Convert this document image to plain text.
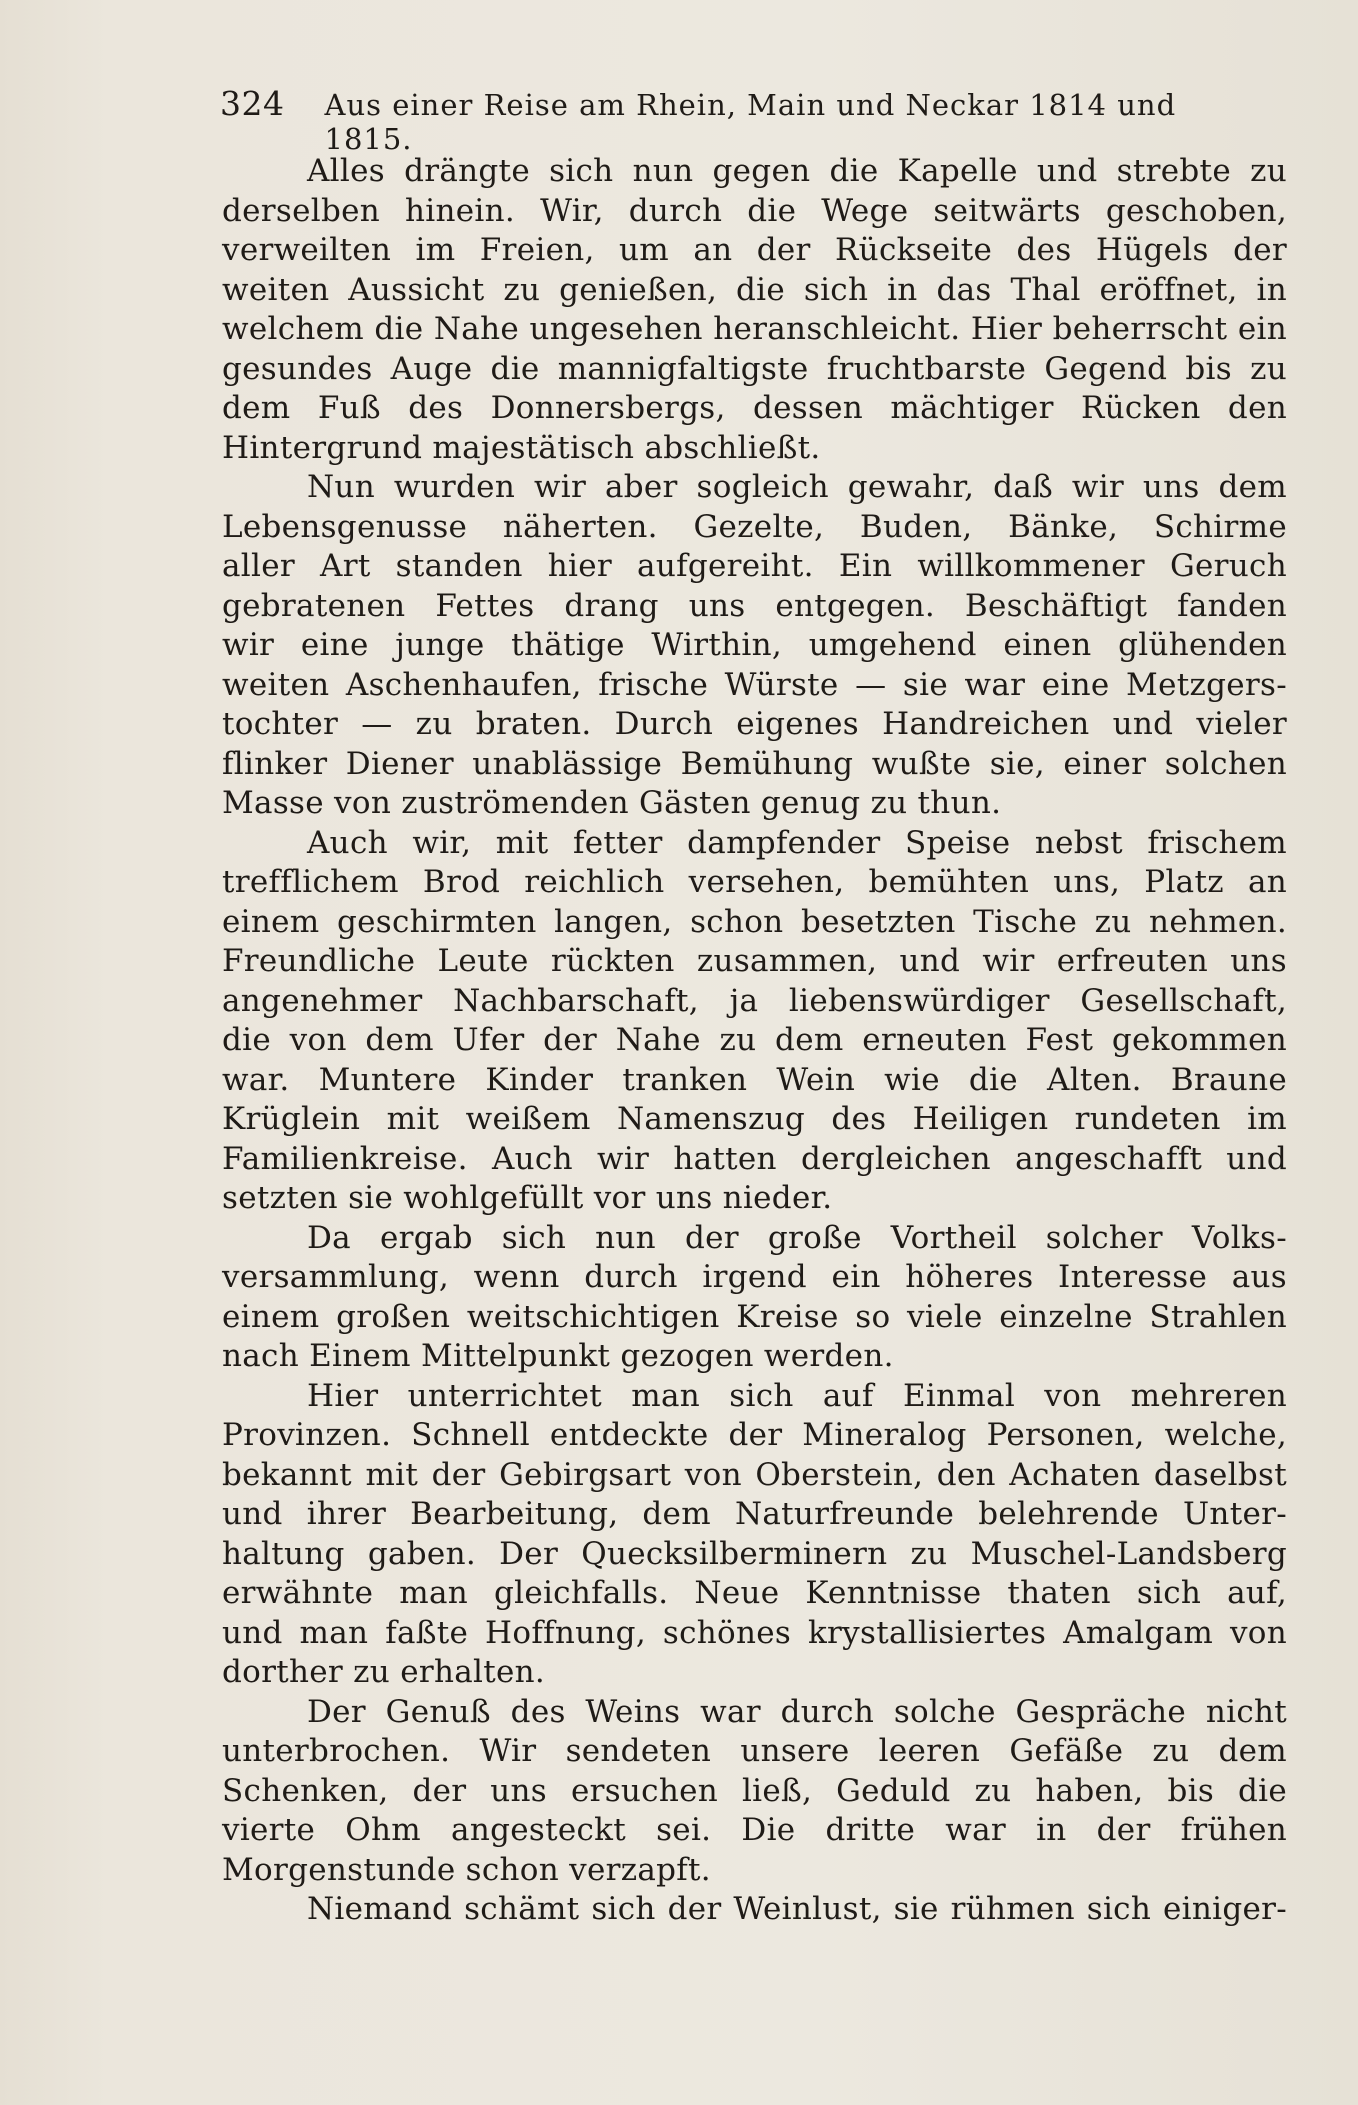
324 Aus einer Reise am Rhein, Main und Neckar 1814 und 1815.
Alles drängte sich nun gegen die Kapelle und strebte zu
derselben hinein. Wir, durch die Wege seitwärts geschoben,
verweilten im Freien, um an der Rückseite des Hügels der
weiten Aussicht zu genießen, die sich in das Thal eröffnet, in
welchem die Nahe ungesehen heranschleicht. Hier beherrscht ein
gesundes Auge die mannigfaltigste fruchtbarste Gegend bis zu
dem Fuß des Donnersbergs, dessen mächtiger Rücken den
Hintergrund majestätisch abschließt.
Nun wurden wir aber sogleich gewahr, daß wir uns dem
Lebensgenusse näherten. Gezelte, Buden, Bänke, Schirme
aller Art standen hier aufgereiht. Ein willkommener Geruch
gebratenen Fettes drang uns entgegen. Beschäftigt fanden
wir eine junge thätige Wirthin, umgehend einen glühenden
weiten Aschenhaufen, frische Würste — sie war eine Metzgers-
tochter — zu braten. Durch eigenes Handreichen und vieler
flinker Diener unablässige Bemühung wußte sie, einer solchen
Masse von zuströmenden Gästen genug zu thun.
Auch wir, mit fetter dampfender Speise nebst frischem
trefflichem Brod reichlich versehen, bemühten uns, Platz an
einem geschirmten langen, schon besetzten Tische zu nehmen.
Freundliche Leute rückten zusammen, und wir erfreuten uns
angenehmer Nachbarschaft, ja liebenswürdiger Gesellschaft,
die von dem Ufer der Nahe zu dem erneuten Fest gekommen
war. Muntere Kinder tranken Wein wie die Alten. Braune
Krüglein mit weißem Namenszug des Heiligen rundeten im
Familienkreise. Auch wir hatten dergleichen angeschafft und
setzten sie wohlgefüllt vor uns nieder.
Da ergab sich nun der große Vortheil solcher Volks-
versammlung, wenn durch irgend ein höheres Interesse aus
einem großen weitschichtigen Kreise so viele einzelne Strahlen
nach Einem Mittelpunkt gezogen werden.
Hier unterrichtet man sich auf Einmal von mehreren
Provinzen. Schnell entdeckte der Mineralog Personen, welche,
bekannt mit der Gebirgsart von Oberstein, den Achaten daselbst
und ihrer Bearbeitung, dem Naturfreunde belehrende Unter-
haltung gaben. Der Quecksilberminern zu Muschel-Landsberg
erwähnte man gleichfalls. Neue Kenntnisse thaten sich auf,
und man faßte Hoffnung, schönes krystallisiertes Amalgam von
dorther zu erhalten.
Der Genuß des Weins war durch solche Gespräche nicht
unterbrochen. Wir sendeten unsere leeren Gefäße zu dem
Schenken, der uns ersuchen ließ, Geduld zu haben, bis die
vierte Ohm angesteckt sei. Die dritte war in der frühen
Morgenstunde schon verzapft.
Niemand schämt sich der Weinlust, sie rühmen sich einiger-
